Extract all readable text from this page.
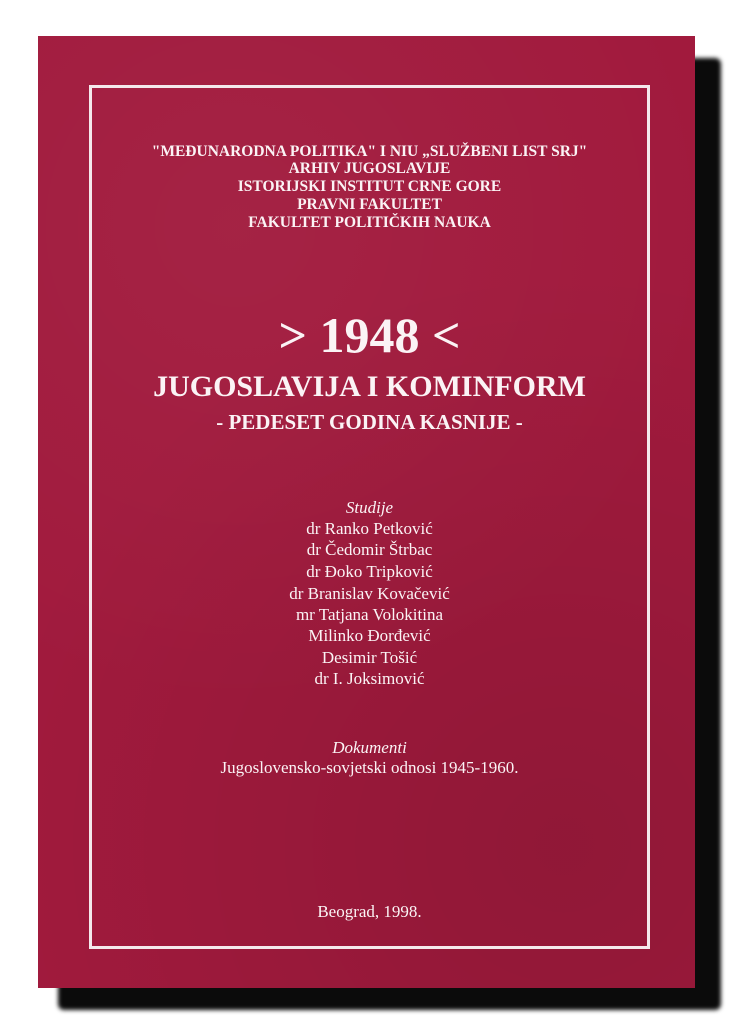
"MEĐUNARODNA POLITIKA" I NIU „SLUŽBENI LIST SRJ"
ARHIV JUGOSLAVIJE
ISTORIJSKI INSTITUT CRNE GORE
PRAVNI FAKULTET
FAKULTET POLITIČKIH NAUKA
> 1948 <
JUGOSLAVIJA I KOMINFORM
- PEDESET GODINA KASNIJE -
Studije
dr Ranko Petković
dr Čedomir Štrbac
dr Đoko Tripković
dr Branislav Kovačević
mr Tatjana Volokitina
Milinko Đorđević
Desimir Tošić
dr I. Joksimović
Dokumenti
Jugoslovensko-sovjetski odnosi 1945-1960.
Beograd, 1998.
